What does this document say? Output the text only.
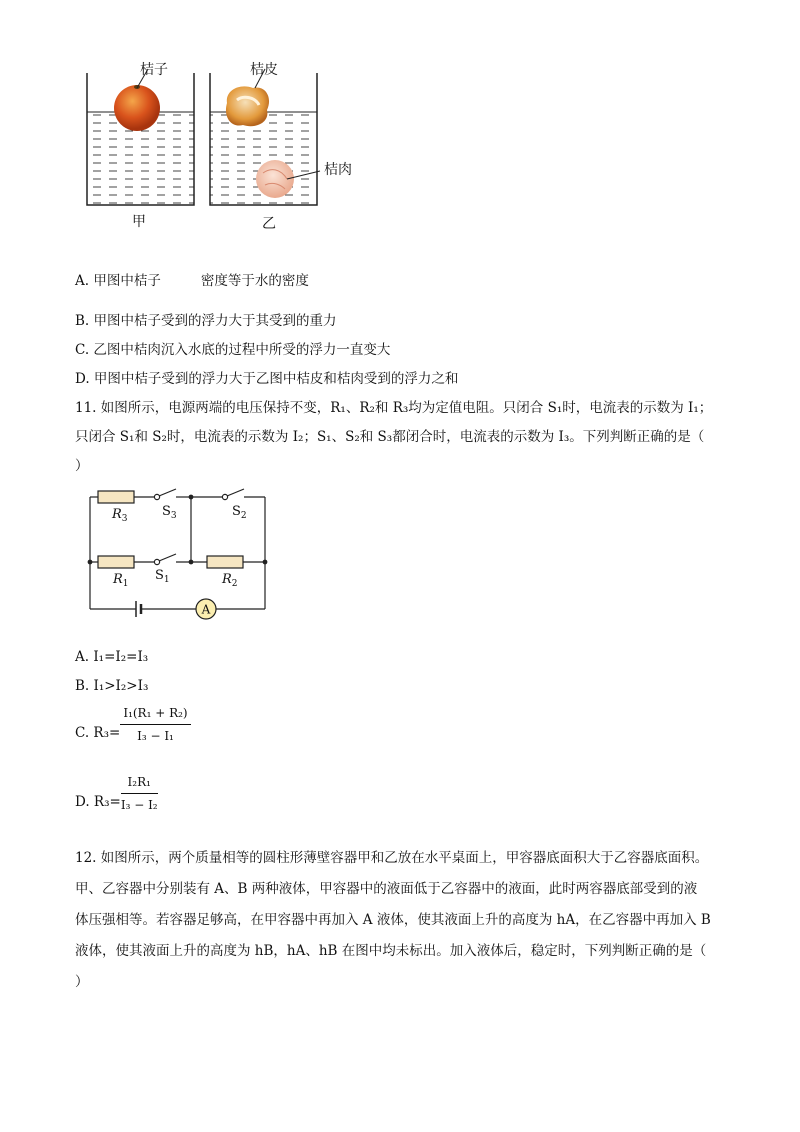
桔子	桔皮
桔肉
甲	乙
A. 甲图中桔子	密度等于水的密度
B. 甲图中桔子受到的浮力大于其受到的重力
C. 乙图中桔肉沉入水底的过程中所受的浮力一直变大
D. 甲图中桔子受到的浮力大于乙图中桔皮和桔肉受到的浮力之和
11. 如图所示，电源两端的电压保持不变，R₁、R₂和 R₃均为定值电阻。只闭合 S₁时，电流表的示数为 I₁；
只闭合 S₁和 S₂时，电流表的示数为 I₂；S₁、S₂和 S₃都闭合时，电流表的示数为 I₃。下列判断正确的是（
）
$R_3$	$S_3$	$S_2$
$R_1$
$S_1$	$R_2$
A
A. I₁=I₂=I₃
B. I₁>I₂>I₃
C. $R_3= \frac{\text{I₁(R₁ + R₂)}}{\text{I₃ − I₁}}$
D. $R_3= \frac{\text{I₂R₁}}{\text{I₃ − I₂}}$
12. 如图所示，两个质量相等的圆柱形薄壁容器甲和乙放在水平桌面上，甲容器底面积大于乙容器底面积。
甲、乙容器中分别装有 A、B 两种液体，甲容器中的液面低于乙容器中的液面，此时两容器底部受到的液
体压强相等。若容器足够高，在甲容器中再加入 A 液体，使其液面上升的高度为 hA，在乙容器中再加入 B
液体，使其液面上升的高度为 hB，hA、hB 在图中均未标出。加入液体后，稳定时，下列判断正确的是（
）
